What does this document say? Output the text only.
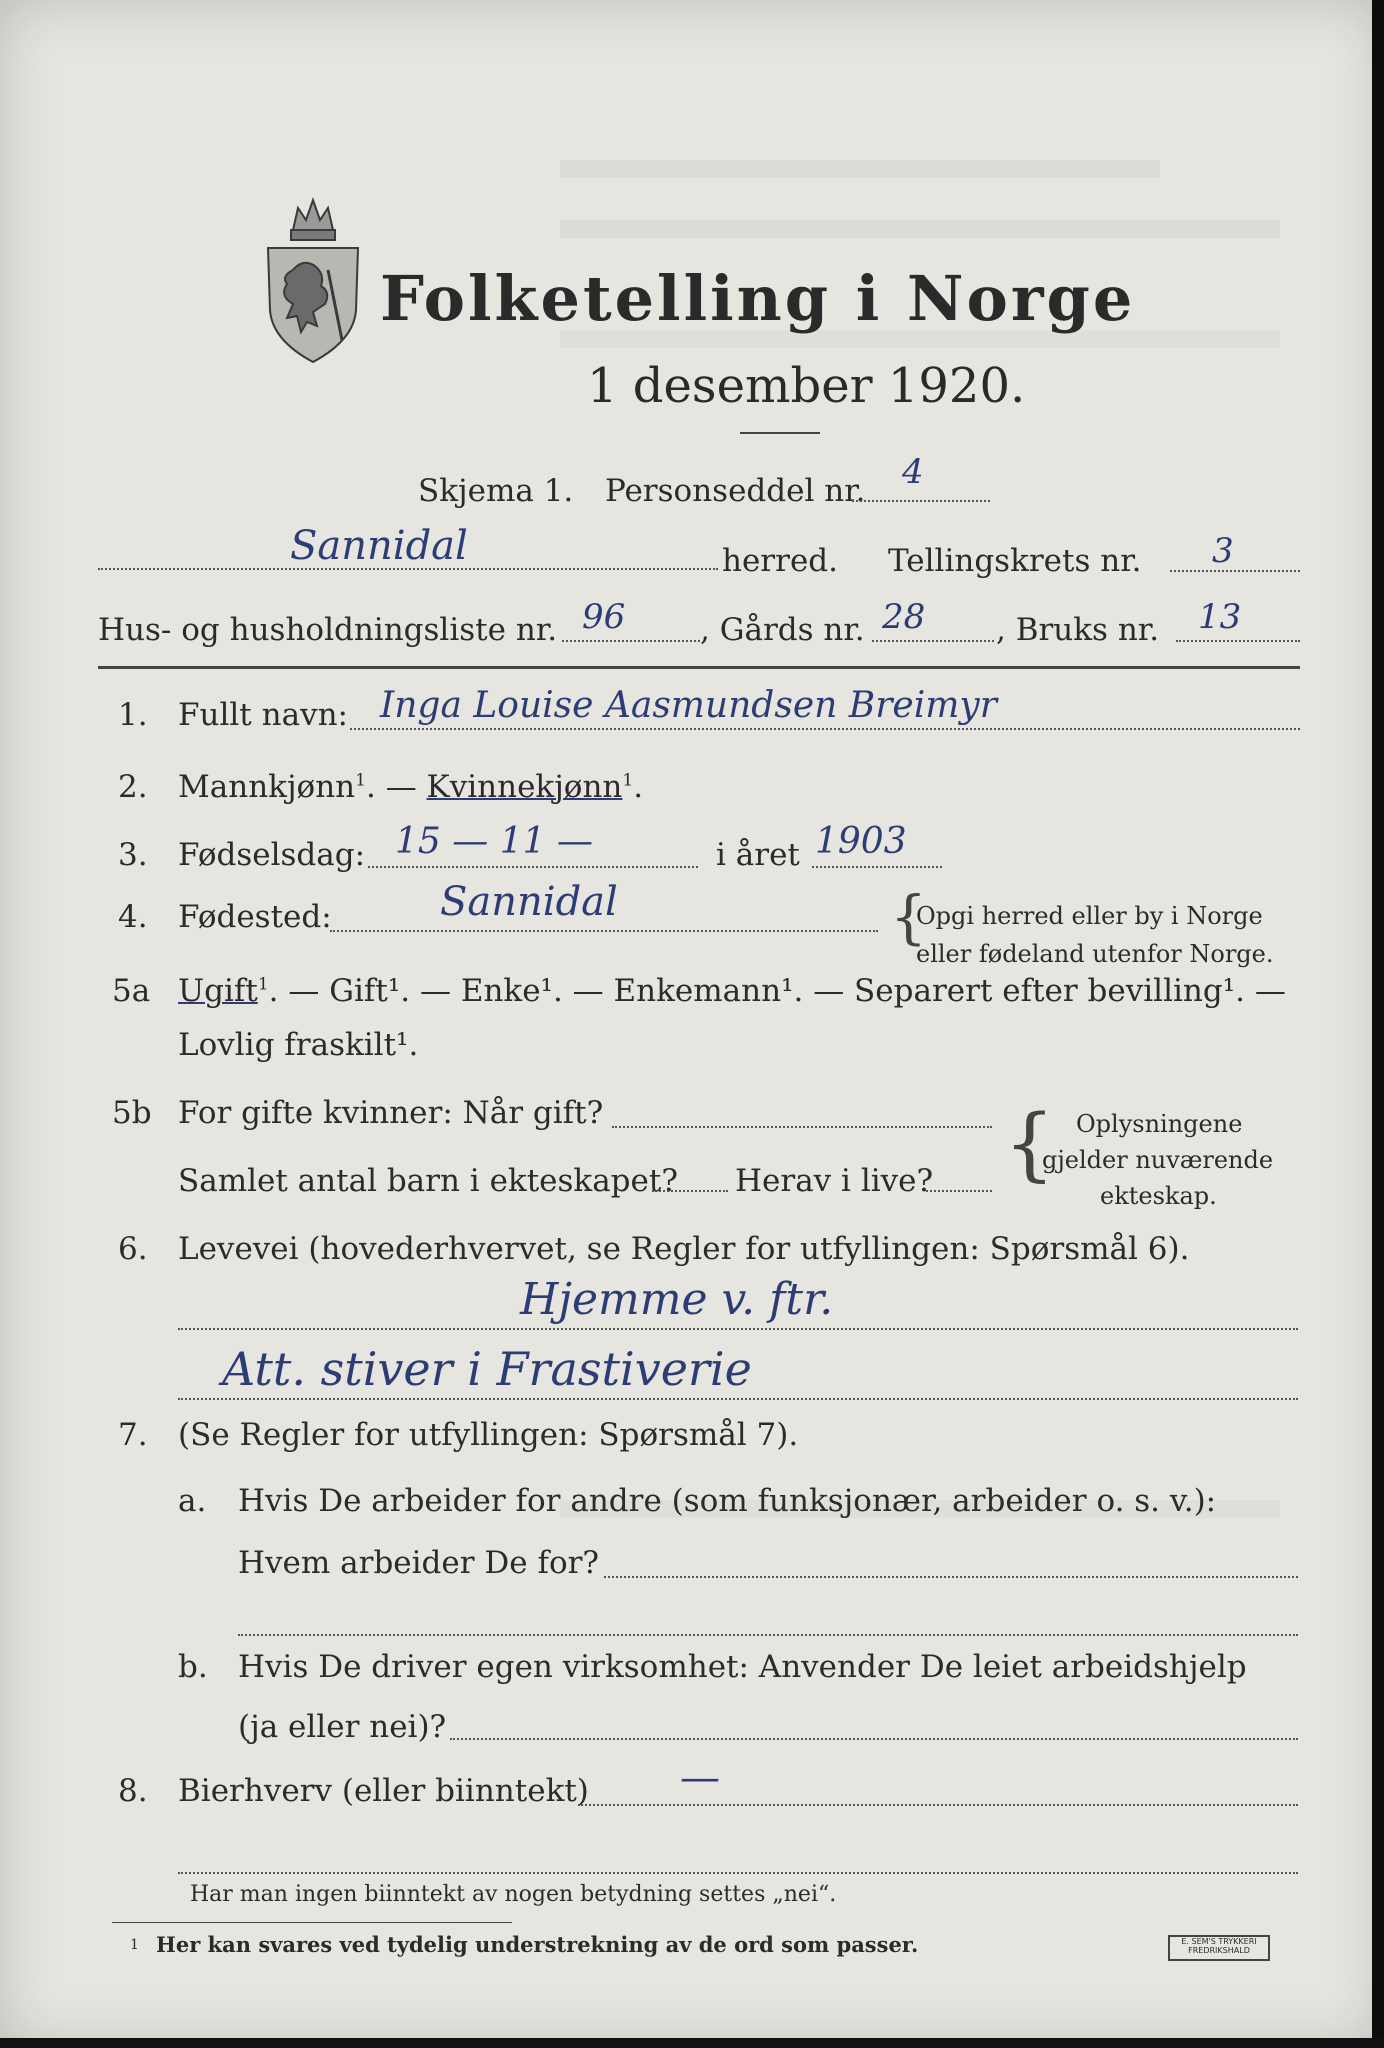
Folketelling i Norge
1 desember 1920.
Skjema 1. Personseddel nr. 4
Sannidal	herred. Tellingskrets nr. 3
Hus- og husholdningsliste nr. 96 , Gårds nr. 28 , Bruks nr. 13
1. Fullt navn: Inga Louise Aasmundsen Breimyr
2. Mannkjønn$^1$. — Kvinnekjønn$^1$.
3. Fødselsdag: 15 — 11 —	i året 1903
4. Fødested:	Sannidal	{
Opgi herred eller by i Norge
eller fødeland utenfor Norge.
5a Ugift$^1$. — Gift¹. — Enke¹. — Enkemann¹. — Separert efter bevilling¹. —
Lovlig fraskilt¹.
5b For gifte kvinner: Når gift?
Samlet antal barn i ekteskapet? Herav i live? { Oplysningene
gjelder nuværende
ekteskap.
6. Levevei (hovederhvervet, se Regler for utfyllingen: Spørsmål 6).
Hjemme v. ftr.
Att. stiver i Frastiverie
7. (Se Regler for utfyllingen: Spørsmål 7).
a. Hvis De arbeider for andre (som funksjonær, arbeider o. s. v.):
Hvem arbeider De for?
b. Hvis De driver egen virksomhet: Anvender De leiet arbeidshjelp
(ja eller nei)?
8. Bierhverv (eller biinntekt) —
Har man ingen biinntekt av nogen betydning settes „nei“.
1 Her kan svares ved tydelig understrekning av de ord som passer.	E. SEM'S TRYKKERI FREDRIKSHALD
